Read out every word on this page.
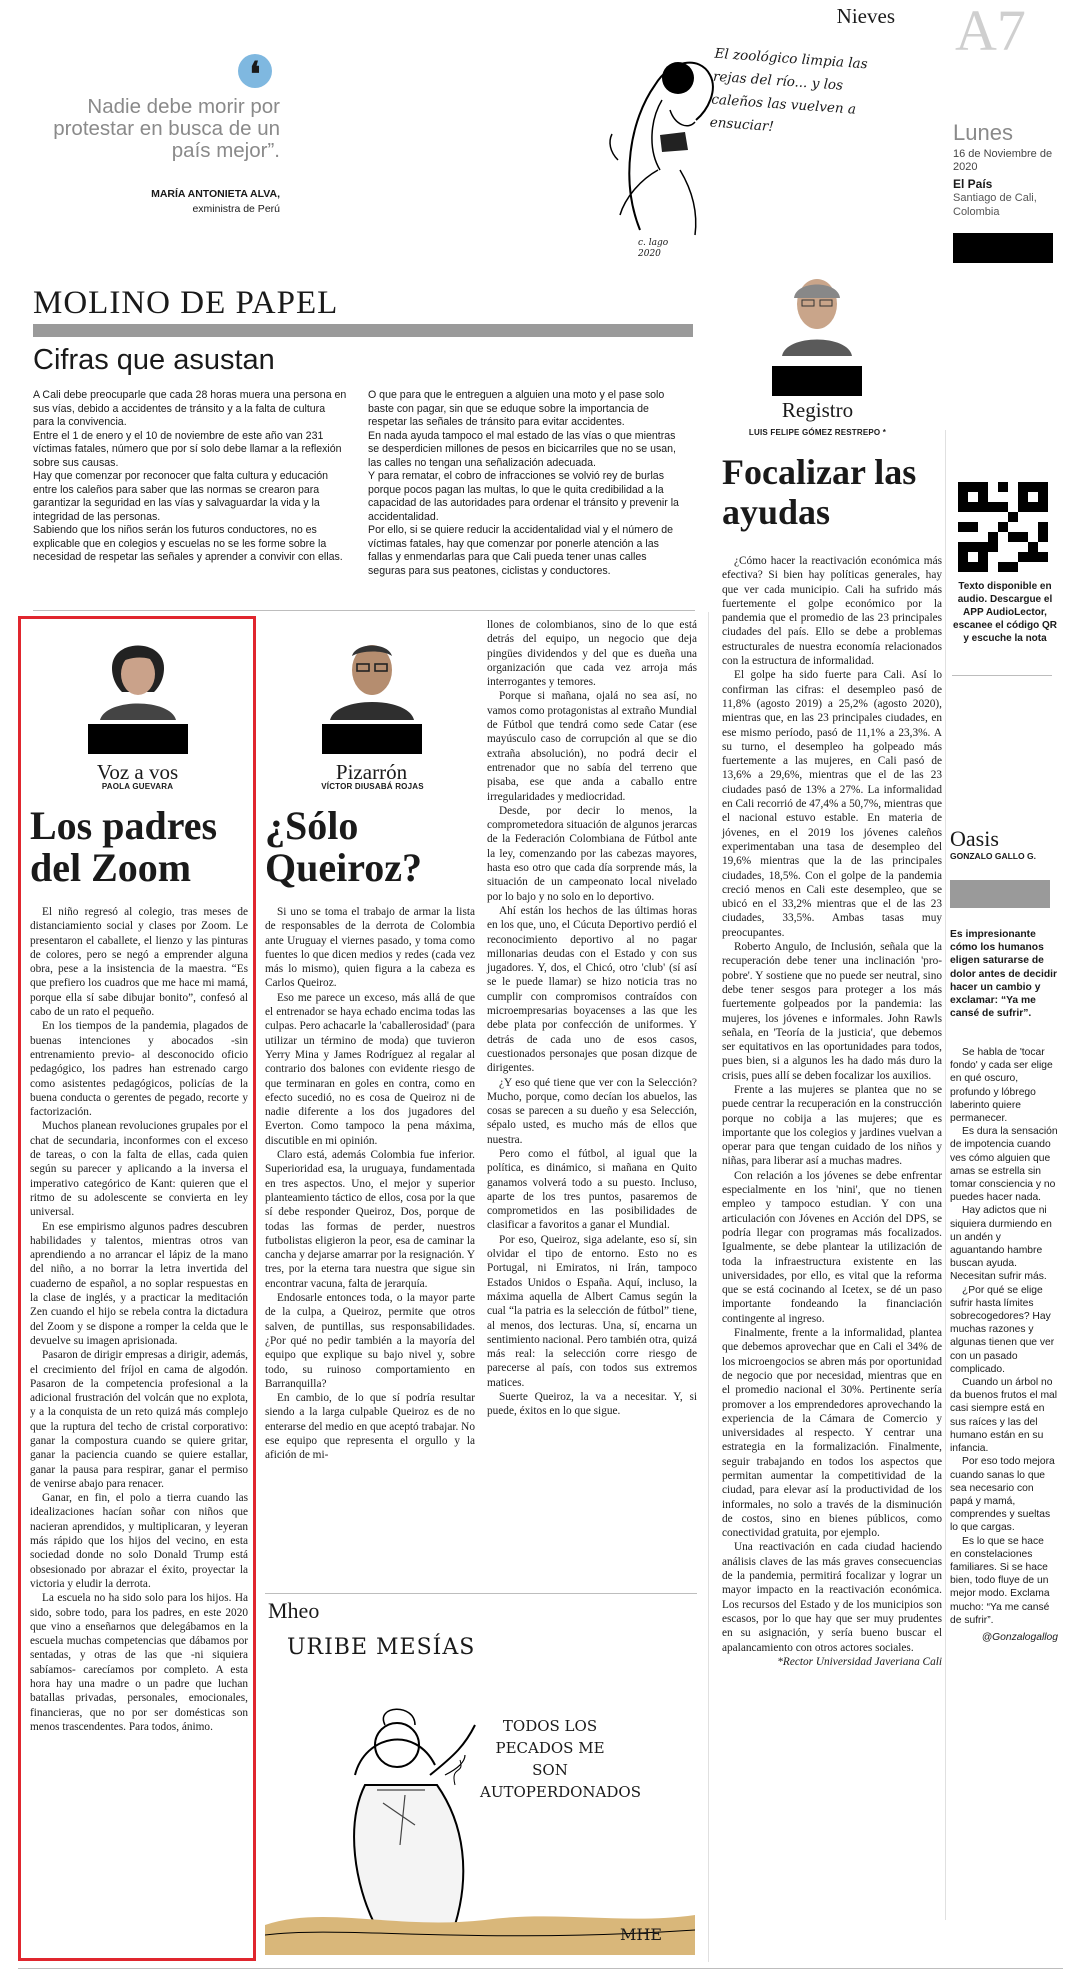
❛
Nadie debe morir por protestar en busca de un país mejor”.
MARÍA ANTONIETA ALVA,
exministra de Perú
Nieves
El zoológico limpia las rejas del río... y los caleños las vuelven a ensuciar!
c. lago 2020
A7
Lunes
16 de Noviembre de 2020
El País
Santiago de Cali, Colombia
MOLINO DE PAPEL
Cifras que asustan
A Cali debe preocuparle que cada 28 horas muera una persona en sus vías, debido a accidentes de tránsito y a la falta de cultura para la convivencia.
Entre el 1 de enero y el 10 de noviembre de este año van 231 víctimas fatales, número que por sí solo debe llamar a la reflexión sobre sus causas.
Hay que comenzar por reconocer que falta cultura y educación entre los caleños para saber que las normas se crearon para garantizar la seguridad en las vías y salvaguardar la vida y la integridad de las personas.
Sabiendo que los niños serán los futuros conductores, no es explicable que en colegios y escuelas no se les forme sobre la necesidad de respetar las señales y aprender a convivir con ellas.
O que para que le entreguen a alguien una moto y el pase solo baste con pagar, sin que se eduque sobre la importancia de respetar las señales de tránsito para evitar accidentes.
En nada ayuda tampoco el mal estado de las vías o que mientras se desperdicien millones de pesos en bicicarriles que no se usan, las calles no tengan una señalización adecuada.
Y para rematar, el cobro de infracciones se volvió rey de burlas porque pocos pagan las multas, lo que le quita credibilidad a la capacidad de las autoridades para ordenar el tránsito y prevenir la accidentalidad.
Por ello, si se quiere reducir la accidentalidad vial y el número de víctimas fatales, hay que comenzar por ponerle atención a las fallas y enmendarlas para que Cali pueda tener unas calles seguras para sus peatones, ciclistas y conductores.
Registro
LUIS FELIPE GÓMEZ RESTREPO *
Focalizar las ayudas

¿Cómo hacer la reactivación económica más efectiva? Si bien hay políticas generales, hay que ver cada municipio. Cali ha sufrido más fuertemente el golpe económico por la pandemia que el promedio de las 23 principales ciudades del país. Ello se debe a problemas estructurales de nuestra economía relacionados con la estructura de informalidad.

El golpe ha sido fuerte para Cali. Así lo confirman las cifras: el desempleo pasó de 11,8% (agosto 2019) a 25,2% (agosto 2020), mientras que, en las 23 principales ciudades, en ese mismo período, pasó de 11,1% a 23,3%. A su turno, el desempleo ha golpeado más fuertemente a las mujeres, en Cali pasó de 13,6% a 29,6%, mientras que el de las 23 ciudades pasó de 13% a 27%. La informalidad en Cali recorrió de 47,4% a 50,7%, mientras que el nacional estuvo estable. En materia de jóvenes, en el 2019 los jóvenes caleños experimentaban una tasa de desempleo del 19,6% mientras que la de las principales ciudades, 18,5%. Con el golpe de la pandemia creció menos en Cali este desempleo, que se ubicó en el 33,2% mientras que el de las 23 ciudades, 33,5%. Ambas tasas muy preocupantes.

Roberto Angulo, de Inclusión, señala que la recuperación debe tener una inclinación 'pro-pobre'. Y sostiene que no puede ser neutral, sino debe tener sesgos para proteger a los más fuertemente golpeados por la pandemia: las mujeres, los jóvenes e informales. John Rawls señala, en 'Teoría de la justicia', que debemos ser equitativos en las oportunidades para todos, pues bien, si a algunos les ha dado más duro la crisis, pues allí se deben focalizar los auxilios.

Frente a las mujeres se plantea que no se puede centrar la recuperación en la construcción porque no cobija a las mujeres; que es importante que los colegios y jardines vuelvan a operar para que tengan cuidado de los niños y niñas, para liberar así a muchas madres.

Con relación a los jóvenes se debe enfrentar especialmente en los 'nini', que no tienen empleo y tampoco estudian. Y con una articulación con Jóvenes en Acción del DPS, se podría llegar con programas más focalizados. Igualmente, se debe plantear la utilización de toda la infraestructura existente en las universidades, por ello, es vital que la reforma que se está cocinando al Icetex, se dé un paso importante fondeando la financiación contingente al ingreso.

Finalmente, frente a la informalidad, plantea que debemos aprovechar que en Cali el 34% de los microengocios se abren más por oportunidad de negocio que por necesidad, mientras que en el promedio nacional el 30%. Pertinente sería promover a los emprendedores aprovechando la experiencia de la Cámara de Comercio y universidades al respecto. Y centrar una estrategia en la formalización. Finalmente, seguir trabajando en todos los aspectos que permitan aumentar la competitividad de la ciudad, para elevar así la productividad de los informales, no solo a través de la disminución de costos, sino en bienes públicos, como conectividad gratuita, por ejemplo.

Una reactivación en cada ciudad haciendo análisis claves de las más graves consecuencias de la pandemia, permitirá focalizar y lograr un mayor impacto en la reactivación económica. Los recursos del Estado y de los municipios son escasos, por lo que hay que ser muy prudentes en su asignación, y sería bueno buscar el apalancamiento con otros actores sociales.

*Rector Universidad Javeriana Cali

Texto disponible en audio. Descargue el APP AudioLector, escanee el código QR y escuche la nota
Oasis
GONZALO GALLO G.
Es impresionante cómo los humanos eligen saturarse de dolor antes de decidir hacer un cambio y exclamar: “Ya me cansé de sufrir”.
Se habla de 'tocar fondo' y cada ser elige en qué oscuro, profundo y lóbrego laberinto quiere permanecer.
Es dura la sensación de impotencia cuando ves cómo alguien que amas se estrella sin tomar consciencia y no puedes hacer nada.
Hay adictos que ni siquiera durmiendo en un andén y aguantando hambre buscan ayuda. Necesitan sufrir más.
¿Por qué se elige sufrir hasta límites sobrecogedores? Hay muchas razones y algunas tienen que ver con un pasado complicado.
Cuando un árbol no da buenos frutos el mal casi siempre está en sus raíces y las del humano están en su infancia.
Por eso todo mejora cuando sanas lo que sea necesario con papá y mamá, comprendes y sueltas lo que cargas.
Es lo que se hace en constelaciones familiares. Si se hace bien, todo fluye de un mejor modo. Exclama mucho: “Ya me cansé de sufrir”.
@Gonzalogallog
Voz a vos
PAOLA GUEVARA
Los padres del Zoom

El niño regresó al colegio, tras meses de distanciamiento social y clases por Zoom. Le presentaron el caballete, el lienzo y las pinturas de colores, pero se negó a emprender alguna obra, pese a la insistencia de la maestra. “Es que prefiero los cuadros que me hace mi mamá, porque ella sí sabe dibujar bonito”, confesó al cabo de un rato el pequeño.

En los tiempos de la pandemia, plagados de buenas intenciones y abocados -sin entrenamiento previo- al desconocido oficio pedagógico, los padres han estrenado cargo como asistentes pedagógicos, policías de la buena conducta o gerentes de pegado, recorte y factorización.

Muchos planean revoluciones grupales por el chat de secundaria, inconformes con el exceso de tareas, o con la falta de ellas, cada quien según su parecer y aplicando a la inversa el imperativo categórico de Kant: quieren que el ritmo de su adolescente se convierta en ley universal.

En ese empirismo algunos padres descubren habilidades y talentos, mientras otros van aprendiendo a no arrancar el lápiz de la mano del niño, a no borrar la letra invertida del cuaderno de español, a no soplar respuestas en la clase de inglés, y a practicar la meditación Zen cuando el hijo se rebela contra la dictadura del Zoom y se dispone a romper la celda que le devuelve su imagen aprisionada.

Pasaron de dirigir empresas a dirigir, además, el crecimiento del fríjol en cama de algodón. Pasaron de la competencia profesional a la adicional frustración del volcán que no explota, y a la conquista de un reto quizá más complejo que la ruptura del techo de cristal corporativo: ganar la compostura cuando se quiere gritar, ganar la paciencia cuando se quiere estallar, ganar la pausa para respirar, ganar el permiso de venirse abajo para renacer.

Ganar, en fin, el polo a tierra cuando las idealizaciones hacían soñar con niños que nacieran aprendidos, y multiplicaran, y leyeran más rápido que los hijos del vecino, en esta sociedad donde no solo Donald Trump está obsesionado por abrazar el éxito, proyectar la victoria y eludir la derrota.

La escuela no ha sido solo para los hijos. Ha sido, sobre todo, para los padres, en este 2020 que vino a enseñarnos que delegábamos en la escuela muchas competencias que dábamos por sentadas, y otras de las que -ni siquiera sabíamos- carecíamos por completo. A esta hora hay una madre o un padre que luchan batallas privadas, personales, emocionales, financieras, que no por ser domésticas son menos trascendentes. Para todos, ánimo.

Pizarrón
VÍCTOR DIUSABÁ ROJAS
¿Sólo Queiroz?

Si uno se toma el trabajo de armar la lista de responsables de la derrota de Colombia ante Uruguay el viernes pasado, y toma como fuentes lo que dicen medios y redes (cada vez más lo mismo), quien figura a la cabeza es Carlos Queiroz.

Eso me parece un exceso, más allá de que el entrenador se haya echado encima todas las culpas. Pero achacarle la 'caballerosidad' (para utilizar un término de moda) que tuvieron Yerry Mina y James Rodríguez al regalar al contrario dos balones con evidente riesgo de que terminaran en goles en contra, como en efecto sucedió, no es cosa de Queiroz ni de nadie diferente a los dos jugadores del Everton. Como tampoco la pena máxima, discutible en mi opinión.

Claro está, además Colombia fue inferior. Superioridad esa, la uruguaya, fundamentada en tres aspectos. Uno, el mejor y superior planteamiento táctico de ellos, cosa por la que sí debe responder Queiroz, Dos, porque de todas las formas de perder, nuestros futbolistas eligieron la peor, esa de caminar la cancha y dejarse amarrar por la resignación. Y tres, por la eterna tara nuestra que sigue sin encontrar vacuna, falta de jerarquía.

Endosarle entonces toda, o la mayor parte de la culpa, a Queiroz, permite que otros salven, de puntillas, sus responsabilidades. ¿Por qué no pedir también a la mayoría del equipo que explique su bajo nivel y, sobre todo, su ruinoso comportamiento en Barranquilla?

En cambio, de lo que sí podría resultar siendo a la larga culpable Queiroz es de no enterarse del medio en que aceptó trabajar. No ese equipo que representa el orgullo y la afición de mi-

llones de colombianos, sino de lo que está detrás del equipo, un negocio que deja pingües dividendos y del que es dueña una organización que cada vez arroja más interrogantes y temores.

Porque si mañana, ojalá no sea así, no vamos como protagonistas al extraño Mundial de Fútbol que tendrá como sede Catar (ese mayúsculo caso de corrupción al que se dio extraña absolución), no podrá decir el entrenador que no sabía del terreno que pisaba, ese que anda a caballo entre irregularidades y mediocridad.

Desde, por decir lo menos, la comprometedora situación de algunos jerarcas de la Federación Colombiana de Fútbol ante la ley, comenzando por las cabezas mayores, hasta eso otro que cada día sorprende más, la situación de un campeonato local nivelado por lo bajo y no solo en lo deportivo.

Ahí están los hechos de las últimas horas en los que, uno, el Cúcuta Deportivo perdió el reconocimiento deportivo al no pagar millonarias deudas con el Estado y con sus jugadores. Y, dos, el Chicó, otro 'club' (sí así se le puede llamar) se hizo noticia tras no cumplir con compromisos contraídos con microempresarias boyacenses a las que les debe plata por confección de uniformes. Y detrás de cada uno de esos casos, cuestionados personajes que posan dizque de dirigentes.

¿Y eso qué tiene que ver con la Selección? Mucho, porque, como decían los abuelos, las cosas se parecen a su dueño y esa Selección, sépalo usted, es mucho más de ellos que nuestra.

Pero como el fútbol, al igual que la política, es dinámico, si mañana en Quito ganamos volverá todo a su puesto. Incluso, aparte de los tres puntos, pasaremos de comprometidos en las posibilidades de clasificar a favoritos a ganar el Mundial.

Por eso, Queiroz, siga adelante, eso sí, sin olvidar el tipo de entorno. Esto no es Portugal, ni Emiratos, ni Irán, tampoco Estados Unidos o España. Aquí, incluso, la máxima aquella de Albert Camus según la cual “la patria es la selección de fútbol” tiene, al menos, dos lecturas. Una, sí, encarna un sentimiento nacional. Pero también otra, quizá más real: la selección corre riesgo de parecerse al país, con todos sus extremos matices.

Suerte Queiroz, la va a necesitar. Y, si puede, éxitos en lo que sigue.

Mheo
URIBE MESÍAS
TODOS LOS PECADOS ME SON AUTOPERDONADOS
MHE
